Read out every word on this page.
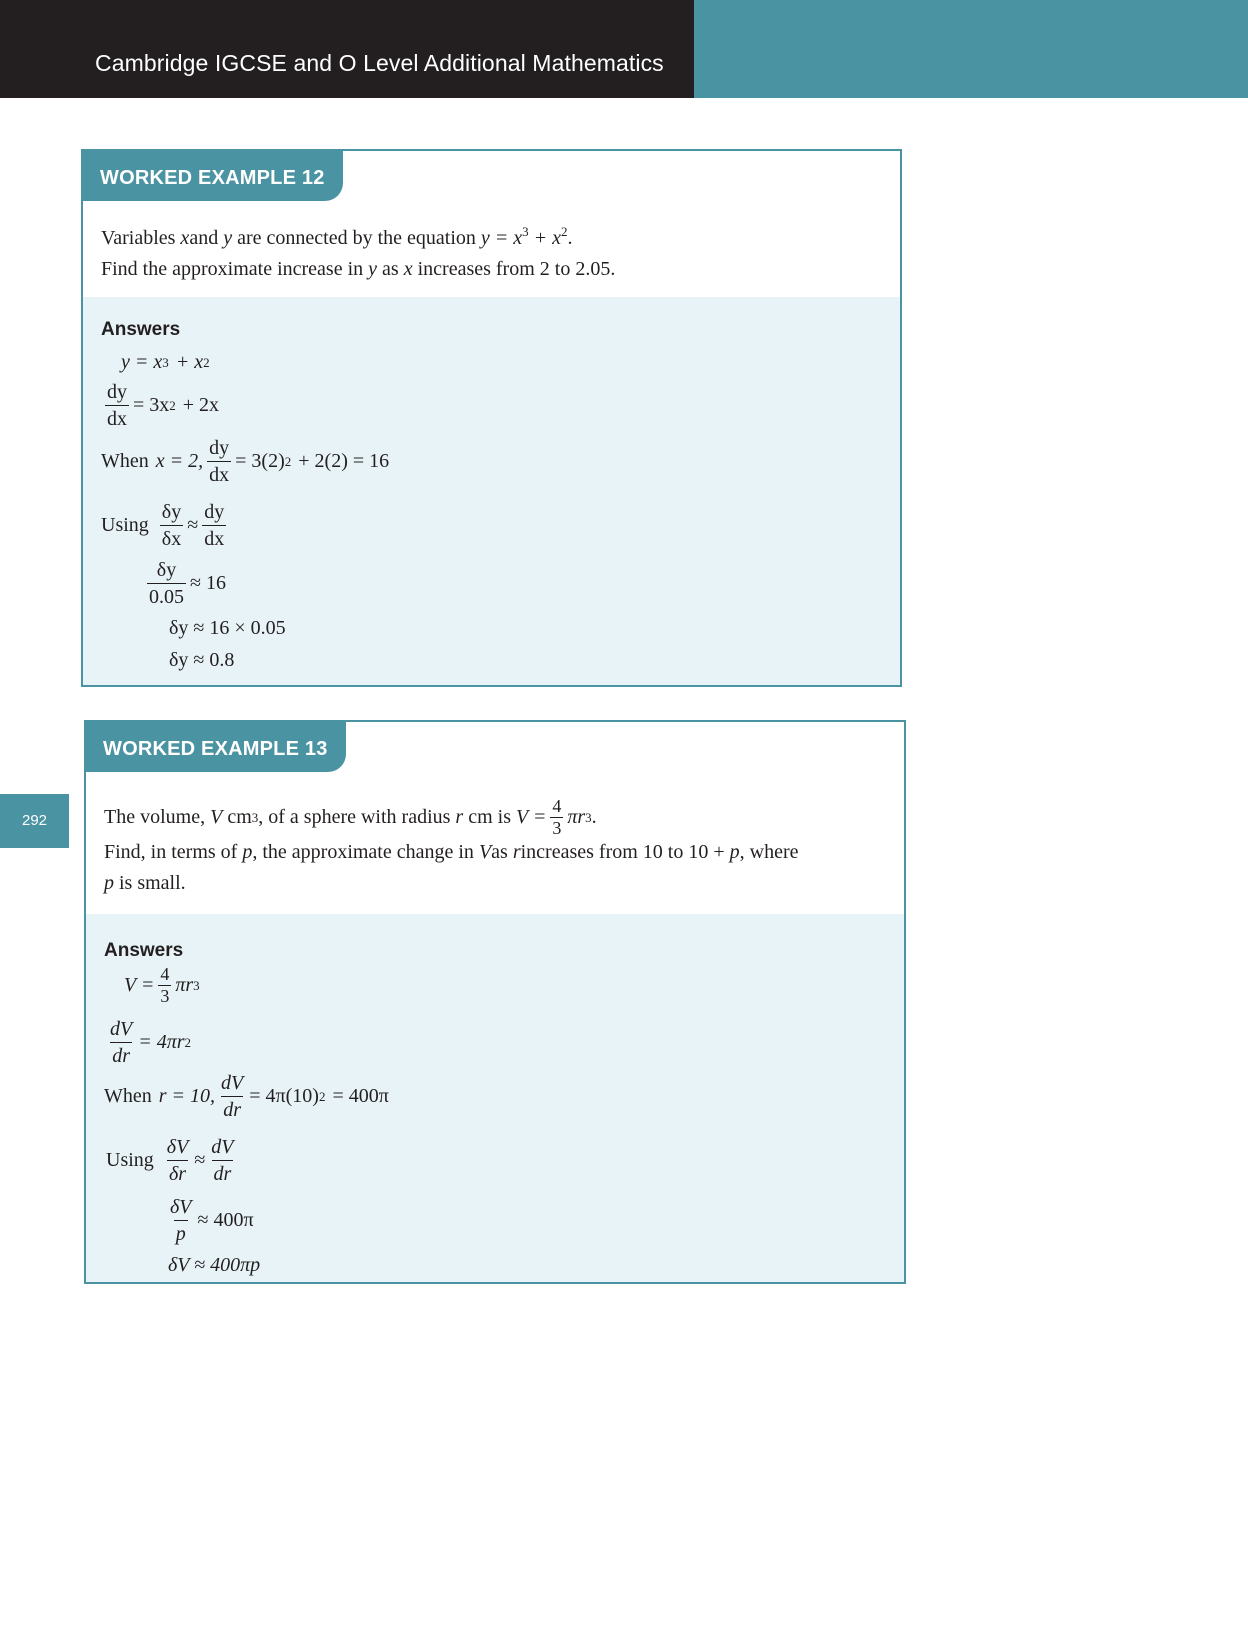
Cambridge IGCSE and O Level Additional Mathematics
292
WORKED EXAMPLE 12
Variables xand y are connected by the equation $y = x^3 + x^2$.
Find the approximate increase in y as x increases from 2 to 2.05.
Answers
y = x 3 + x 2
$\frac{dy}{dx} = 3x$ 2 + 2x
When x = 2, $\frac{dy}{dx} = 3(2) 2 + 2(2) = 16$
Using $\frac{\delta y}{\delta x} \approx \frac{dy}{dx}$
$\frac{\delta y}{0.05} \approx 16$
δy ≈ 16 × 0.05
δy ≈ 0.8
WORKED EXAMPLE 13
The volume,
V
cm 3 , of a sphere with radius
r
cm is
$V = \frac{4}{3}$ πr 3 .
Find, in terms of p, the approximate change in Vas rincreases from 10 to 10 + p, where
p is small.
Answers
$V = \frac{4}{3}$ πr 3
$\frac{dV}{dr} = 4\pi r$ 2
When r = 10, $\frac{dV}{dr} = 4\pi(10) 2 = 400\pi$
Using $\frac{\delta V}{\delta r} \approx \frac{dV}{dr}$
$\frac{\delta V}{p} \approx 400\pi$
δV ≈ 400πp
